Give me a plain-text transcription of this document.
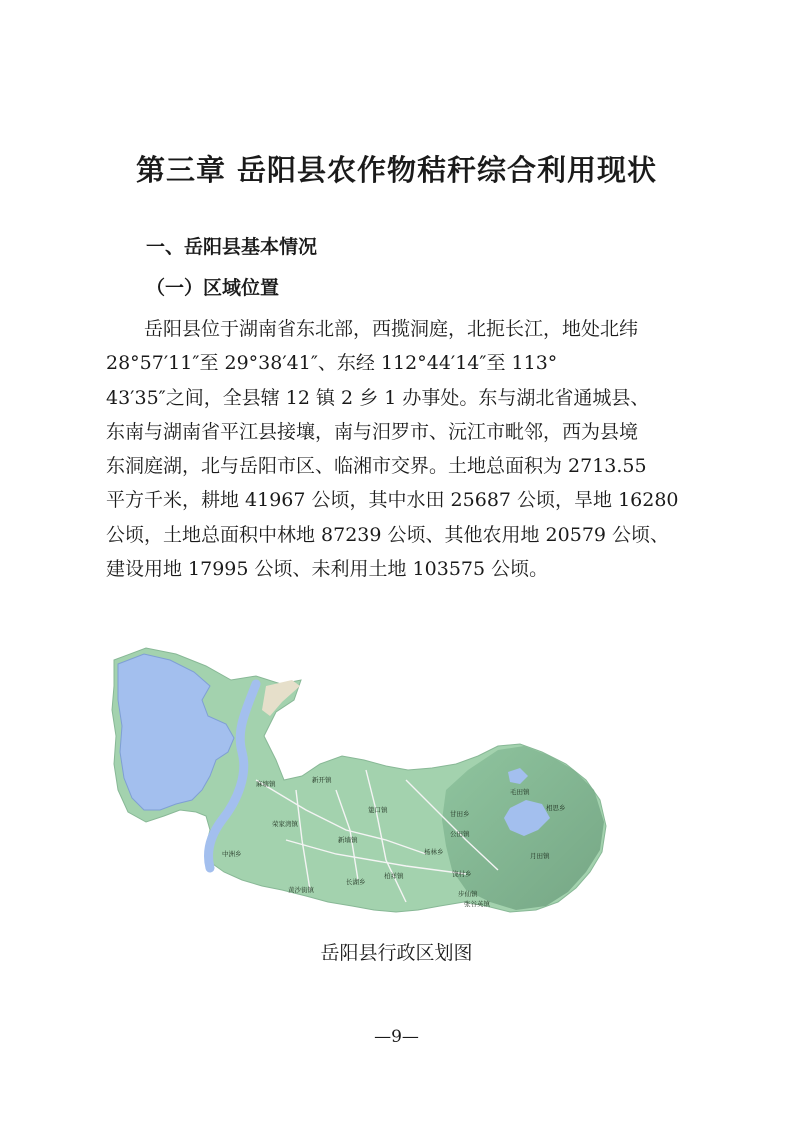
第三章 岳阳县农作物秸秆综合利用现状
一、岳阳县基本情况
（一）区域位置
岳阳县位于湖南省东北部，西揽洞庭，北扼长江，地处北纬
28°57′11″至 29°38′41″、东经 112°44′14″至 113°
43′35″之间，全县辖 12 镇 2 乡 1 办事处。东与湖北省通城县、
东南与湖南省平江县接壤，南与汨罗市、沅江市毗邻，西为县境
东洞庭湖，北与岳阳市区、临湘市交界。土地总面积为 2713.55
平方千米，耕地 41967 公顷，其中水田 25687 公顷，旱地 16280
公顷，土地总面积中林地 87239 公顷、其他农用地 20579 公顷、
建设用地 17995 公顷、未利用土地 103575 公顷。
麻塘镇	新开镇
筻口镇	甘田乡
毛田镇
相思乡
荣家湾镇
新墙镇
公田镇
杨林乡
中洲乡	月田镇
饶村乡
黄沙街镇
长湖乡
柏祥镇
步仙镇
张谷英镇
岳阳县行政区划图
—9—
